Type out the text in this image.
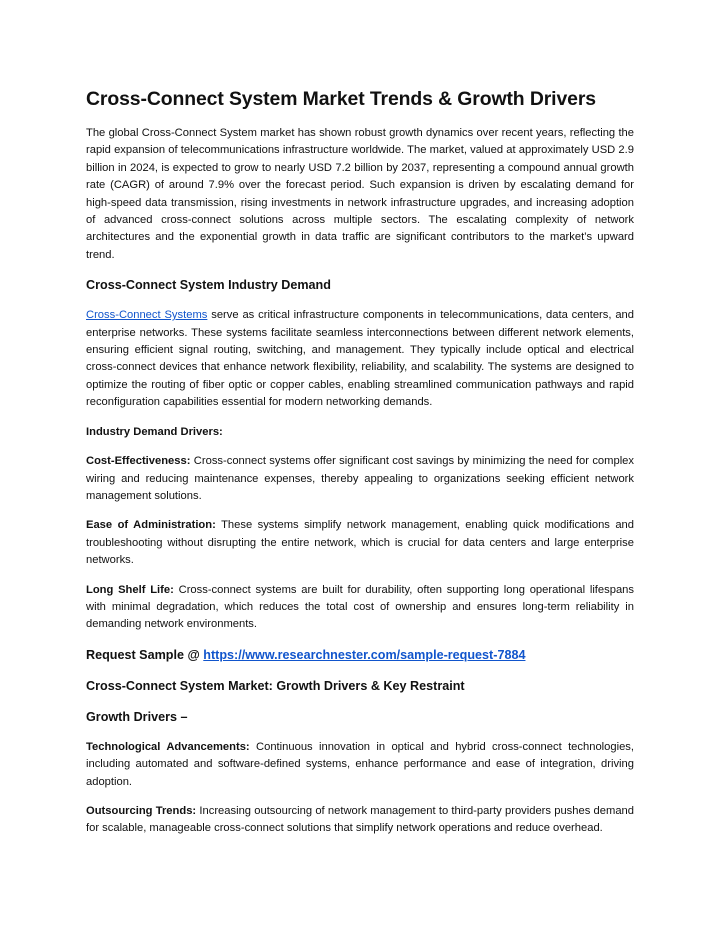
Cross-Connect System Market Trends & Growth Drivers

The global Cross-Connect System market has shown robust growth dynamics over recent years, reflecting the rapid expansion of telecommunications infrastructure worldwide. The market, valued at approximately USD 2.9 billion in 2024, is expected to grow to nearly USD 7.2 billion by 2037, representing a compound annual growth rate (CAGR) of around 7.9% over the forecast period. Such expansion is driven by escalating demand for high-speed data transmission, rising investments in network infrastructure upgrades, and increasing adoption of advanced cross-connect solutions across multiple sectors. The escalating complexity of network architectures and the exponential growth in data traffic are significant contributors to the market’s upward trend.

Cross-Connect System Industry Demand

Cross-Connect Systems serve as critical infrastructure components in telecommunications, data centers, and enterprise networks. These systems facilitate seamless interconnections between different network elements, ensuring efficient signal routing, switching, and management. They typically include optical and electrical cross-connect devices that enhance network flexibility, reliability, and scalability. The systems are designed to optimize the routing of fiber optic or copper cables, enabling streamlined communication pathways and rapid reconfiguration capabilities essential for modern networking demands.

Industry Demand Drivers:

Cost-Effectiveness: Cross-connect systems offer significant cost savings by minimizing the need for complex wiring and reducing maintenance expenses, thereby appealing to organizations seeking efficient network management solutions.

Ease of Administration: These systems simplify network management, enabling quick modifications and troubleshooting without disrupting the entire network, which is crucial for data centers and large enterprise networks.

Long Shelf Life: Cross-connect systems are built for durability, often supporting long operational lifespans with minimal degradation, which reduces the total cost of ownership and ensures long-term reliability in demanding network environments.

Request Sample @ https://www.researchnester.com/sample-request-7884
Cross-Connect System Market: Growth Drivers & Key Restraint
Growth Drivers –

Technological Advancements: Continuous innovation in optical and hybrid cross-connect technologies, including automated and software-defined systems, enhance performance and ease of integration, driving adoption.

Outsourcing Trends: Increasing outsourcing of network management to third-party providers pushes demand for scalable, manageable cross-connect solutions that simplify network operations and reduce overhead.
